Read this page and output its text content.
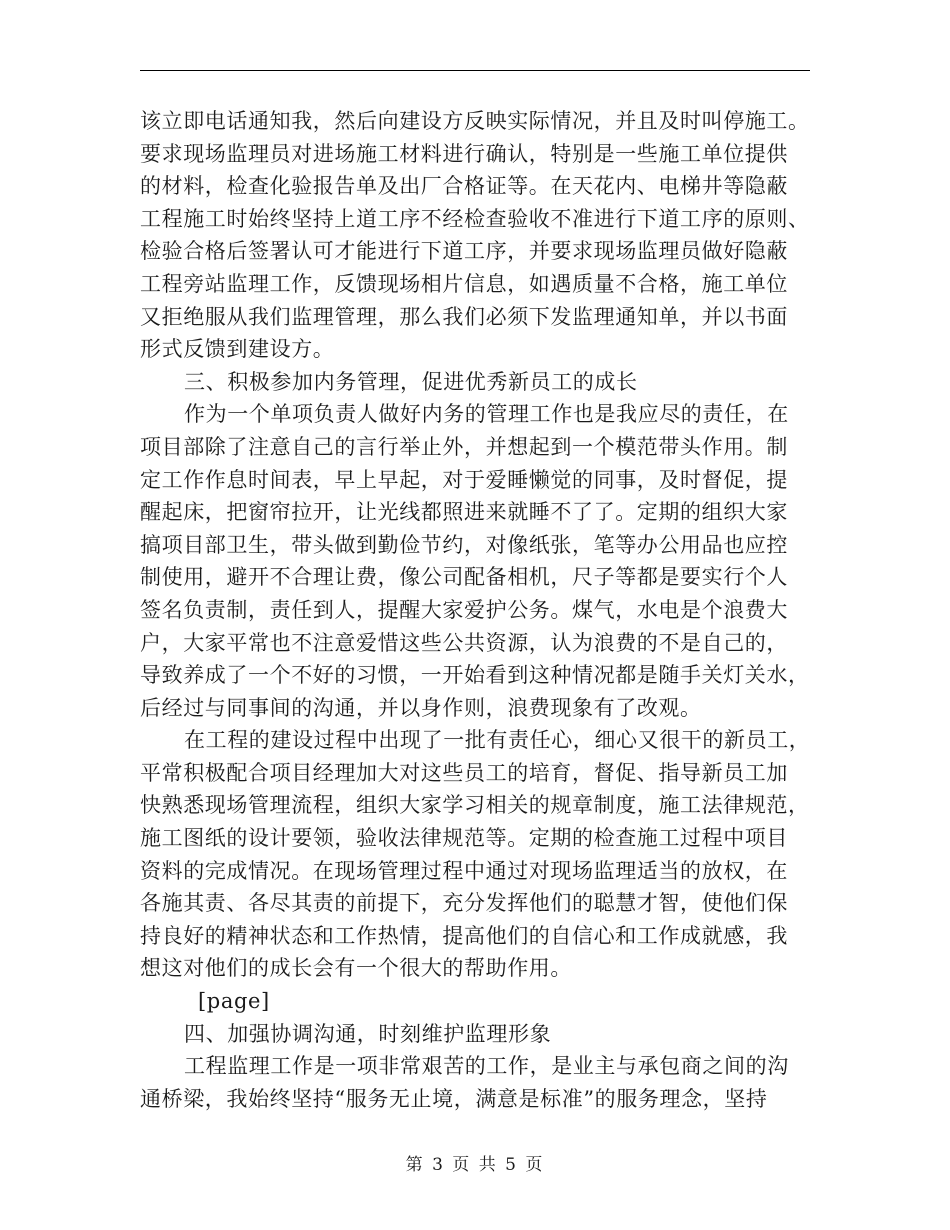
该立即电话通知我，然后向建设方反映实际情况，并且及时叫停施工。
要求现场监理员对进场施工材料进行确认，特别是一些施工单位提供
的材料，检查化验报告单及出厂合格证等。在天花内、电梯井等隐蔽
工程施工时始终坚持上道工序不经检查验收不准进行下道工序的原则、
检验合格后签署认可才能进行下道工序，并要求现场监理员做好隐蔽
工程旁站监理工作，反馈现场相片信息，如遇质量不合格，施工单位
又拒绝服从我们监理管理，那么我们必须下发监理通知单，并以书面
形式反馈到建设方。
三、积极参加内务管理，促进优秀新员工的成长
作为一个单项负责人做好内务的管理工作也是我应尽的责任，在
项目部除了注意自己的言行举止外，并想起到一个模范带头作用。制
定工作作息时间表，早上早起，对于爱睡懒觉的同事，及时督促，提
醒起床，把窗帘拉开，让光线都照进来就睡不了了。定期的组织大家
搞项目部卫生，带头做到勤俭节约，对像纸张，笔等办公用品也应控
制使用，避开不合理让费，像公司配备相机，尺子等都是要实行个人
签名负责制，责任到人，提醒大家爱护公务。煤气，水电是个浪费大
户，大家平常也不注意爱惜这些公共资源，认为浪费的不是自己的，
导致养成了一个不好的习惯，一开始看到这种情况都是随手关灯关水，
后经过与同事间的沟通，并以身作则，浪费现象有了改观。
在工程的建设过程中出现了一批有责任心，细心又很干的新员工，
平常积极配合项目经理加大对这些员工的培育，督促、指导新员工加
快熟悉现场管理流程，组织大家学习相关的规章制度，施工法律规范，
施工图纸的设计要领，验收法律规范等。定期的检查施工过程中项目
资料的完成情况。在现场管理过程中通过对现场监理适当的放权，在
各施其责、各尽其责的前提下，充分发挥他们的聪慧才智，使他们保
持良好的精神状态和工作热情，提高他们的自信心和工作成就感，我
想这对他们的成长会有一个很大的帮助作用。
[page]
四、加强协调沟通，时刻维护监理形象
工程监理工作是一项非常艰苦的工作，是业主与承包商之间的沟
通桥梁，我始终坚持“服务无止境，满意是标准”的服务理念，坚持
第 3 页 共 5 页
